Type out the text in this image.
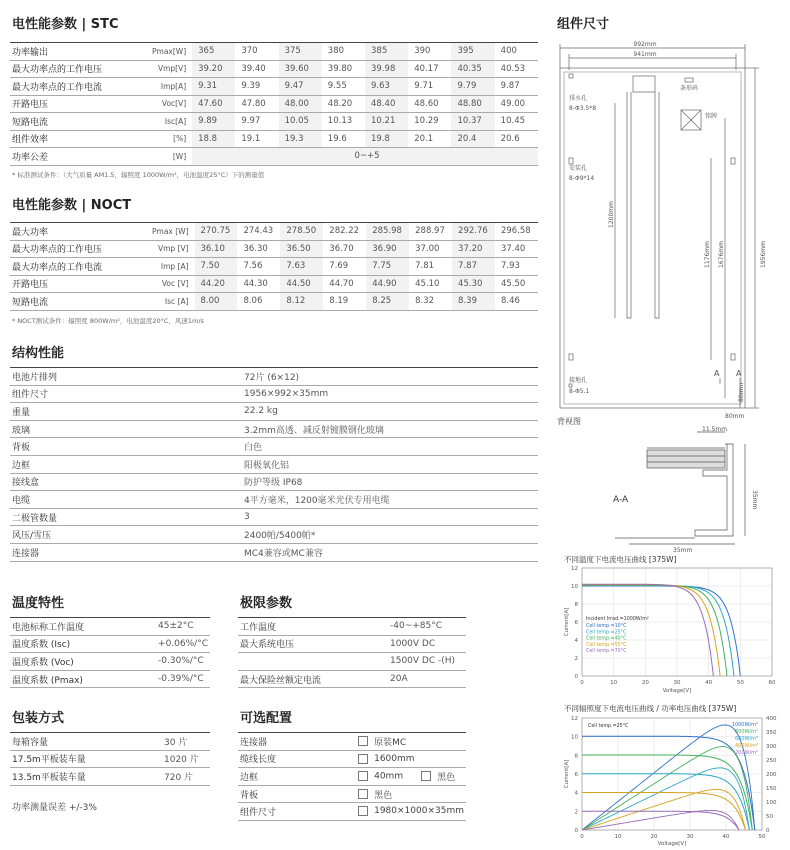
电性能参数 | STC
功率输出	Pmax[W]	365	370	375	380	385	390	395	400
最大功率点的工作电压	Vmp[V]	39.20	39.40	39.60	39.80	39.98	40.17	40.35	40.53
最大功率点的工作电流	Imp[A]	9.31	9.39	9.47	9.55	9.63	9.71	9.79	9.87
开路电压	Voc[V]	47.60	47.80	48.00	48.20	48.40	48.60	48.80	49.00
短路电流	Isc[A]	9.89	9.97	10.05	10.13	10.21	10.29	10.37	10.45
组件效率	[%]	18.8	19.1	19.3	19.6	19.8	20.1	20.4	20.6
功率公差	[W]	0~+5							
* 标准测试条件：（大气质量 AM1.5，辐照度 1000W/m²，电池温度25°C）下的测量值
电性能参数 | NOCT
最大功率	Pmax [W]	270.75	274.43	278.50	282.22	285.98	288.97	292.76	296.58
最大功率点的工作电压	Vmp [V]	36.10	36.30	36.50	36.70	36.90	37.00	37.20	37.40
最大功率点的工作电流	Imp [A]	7.50	7.56	7.63	7.69	7.75	7.81	7.87	7.93
开路电压	Voc [V]	44.20	44.30	44.50	44.70	44.90	45.10	45.30	45.50
短路电流	Isc [A]	8.00	8.06	8.12	8.19	8.25	8.32	8.39	8.46
* NOCT测试条件：辐照度 800W/m²，电池温度20°C，风速1m/s
结构性能
电池片排列	72片 (6×12)
组件尺寸	1956×992×35mm
重量	22.2 kg
玻璃	3.2mm高透、减反射镀膜钢化玻璃
背板	白色
边框	阳极氧化铝
接线盒	防护等级 IP68
电缆	4平方毫米，1200毫米光伏专用电缆
二极管数量	3
风压/雪压	2400帕/5400帕*
连接器	MC4兼容或MC兼容
温度特性
电池标称工作温度	45±2°C
温度系数 (Isc)	+0.06%/°C
温度系数 (Voc)	-0.30%/°C
温度系数 (Pmax)	-0.39%/°C
极限参数
工作温度	-40~+85°C
最大系统电压	1000V DC
	1500V DC -(H)
最大保险丝额定电流	20A
包装方式
每箱容量	30 片
17.5m平板装车量	1020 片
13.5m平板装车量	720 片
功率测量误差 +/-3%
可选配置
连接器	原装MC
缆线长度	1600mm
边框	40mm 黑色
背板	黑色
组件尺寸	1980×1000×35mm
组件尺寸
992mm
941mm
排水孔
8-Φ3.5*8
条形码
铭牌
安装孔
8-Φ9*14
1200mm
1176mm 1676mm	1956mm
接地孔
8-Φ5.1
A A
80mm
80mm
背视图
11.5mm
35mm
35mm
A-A
不同温度下电流电压曲线 [375W]
0
2
4
6
8
10
12
0	10	20	30	40	50	60
Voltage[V]
Current[A]	Incident Irrad.=1000W/m²
Cell temp.=10°C
Cell temp.=25°C
Cell temp.=40°C
Cell temp.=55°C
Cell temp.=70°C
不同辐照度下电流电压曲线 / 功率电压曲线 [375W]
0
2
4
6
8
10
12
0
50
100
150
200
250
300
350
400
0	10	20	30	40	50
Current[A]
Voltage[V]
Cell temp.=25°C	1000W/m²
800W/m²
600W/m²
400W/m²
200W/m²
